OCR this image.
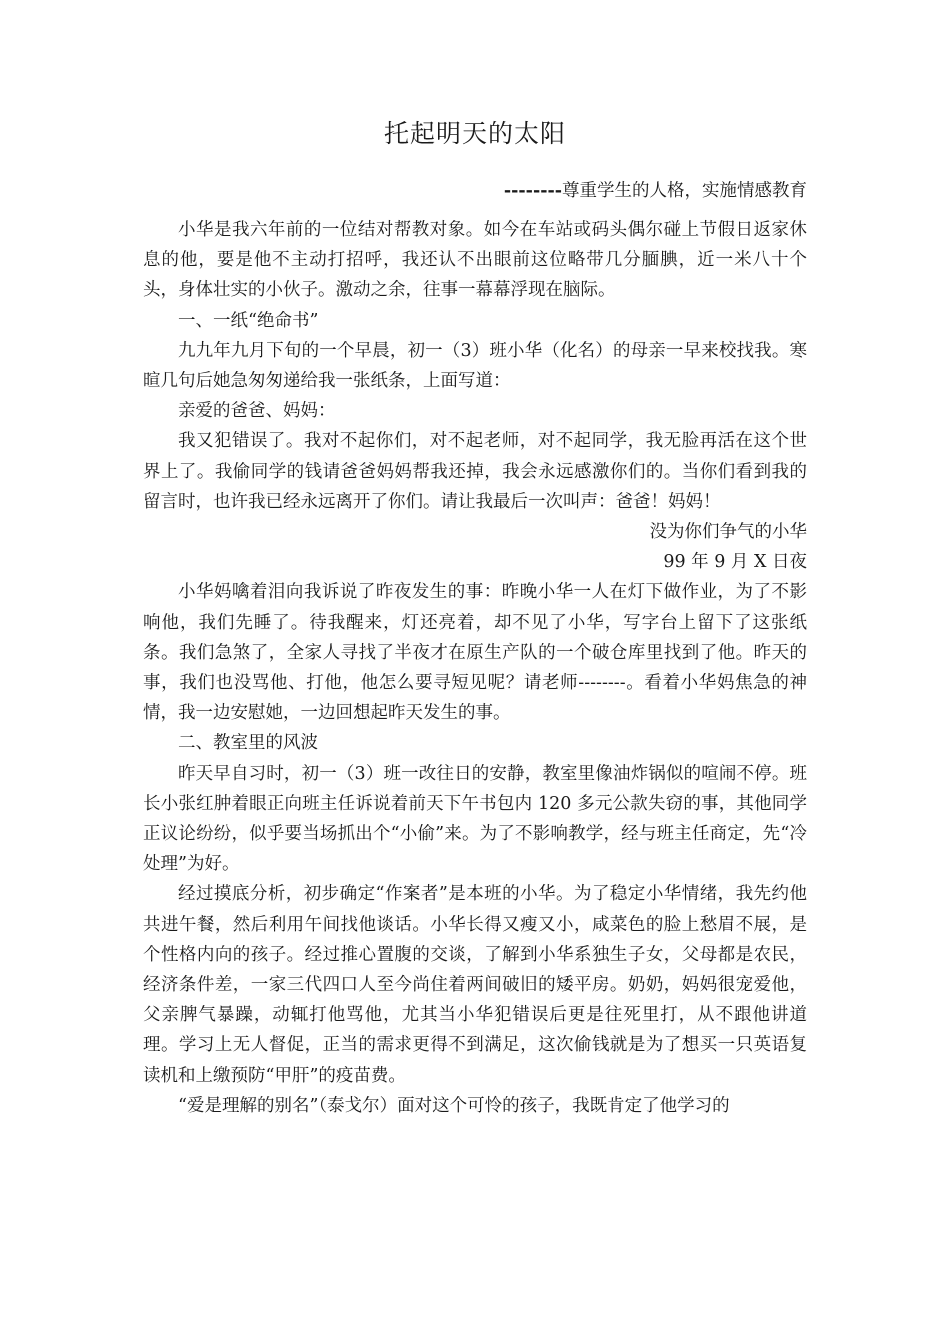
托起明天的太阳
--------尊重学生的人格，实施情感教育

小华是我六年前的一位结对帮教对象。如今在车站或码头偶尔碰上节假日返家休息的他，要是他不主动打招呼，我还认不出眼前这位略带几分腼腆，近一米八十个头，身体壮实的小伙子。激动之余，往事一幕幕浮现在脑际。

一、一纸“绝命书”

九九年九月下旬的一个早晨，初一（3）班小华（化名）的母亲一早来校找我。寒暄几句后她急匆匆递给我一张纸条，上面写道：

亲爱的爸爸、妈妈：

我又犯错误了。我对不起你们，对不起老师，对不起同学，我无脸再活在这个世界上了。我偷同学的钱请爸爸妈妈帮我还掉，我会永远感激你们的。当你们看到我的留言时，也许我已经永远离开了你们。请让我最后一次叫声：爸爸！妈妈！

没为你们争气的小华

99 年 9 月 X 日夜

小华妈噙着泪向我诉说了昨夜发生的事：昨晚小华一人在灯下做作业，为了不影响他，我们先睡了。待我醒来，灯还亮着，却不见了小华，写字台上留下了这张纸条。我们急煞了，全家人寻找了半夜才在原生产队的一个破仓库里找到了他。昨天的事，我们也没骂他、打他，他怎么要寻短见呢？请老师--------。看着小华妈焦急的神情，我一边安慰她，一边回想起昨天发生的事。

二、教室里的风波

昨天早自习时，初一（3）班一改往日的安静，教室里像油炸锅似的喧闹不停。班长小张红肿着眼正向班主任诉说着前天下午书包内 120 多元公款失窃的事，其他同学正议论纷纷，似乎要当场抓出个“小偷”来。为了不影响教学，经与班主任商定，先“冷处理”为好。

经过摸底分析，初步确定“作案者”是本班的小华。为了稳定小华情绪，我先约他共进午餐，然后利用午间找他谈话。小华长得又瘦又小，咸菜色的脸上愁眉不展，是个性格内向的孩子。经过推心置腹的交谈，了解到小华系独生子女，父母都是农民，经济条件差，一家三代四口人至今尚住着两间破旧的矮平房。奶奶，妈妈很宠爱他，父亲脾气暴躁，动辄打他骂他，尤其当小华犯错误后更是往死里打，从不跟他讲道理。学习上无人督促，正当的需求更得不到满足，这次偷钱就是为了想买一只英语复读机和上缴预防“甲肝”的疫苗费。

“爱是理解的别名”（泰戈尔）面对这个可怜的孩子，我既肯定了他学习的
